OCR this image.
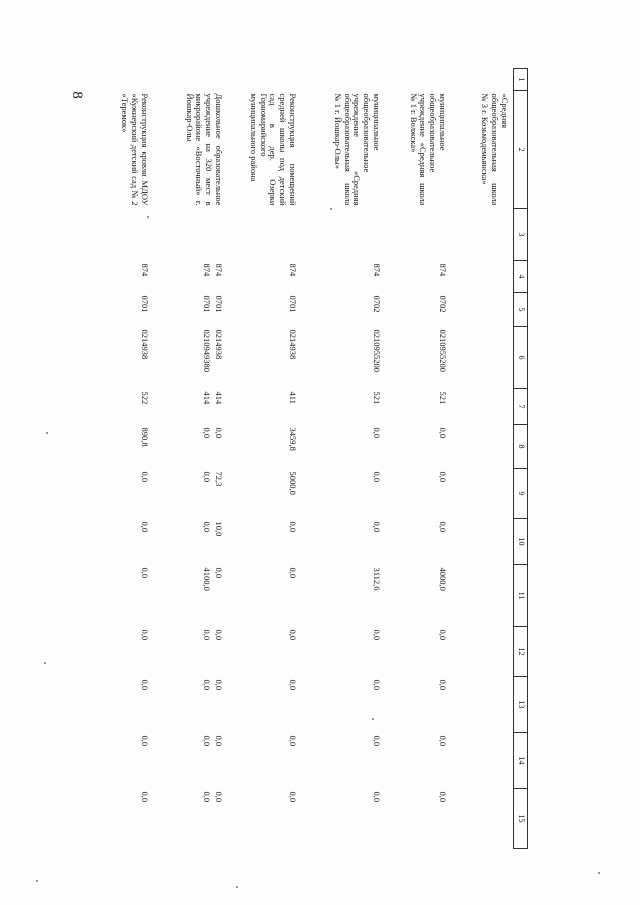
8
1	2	3	4	5	6	7	8	9	10	11	12	13	14	15

	«Средняя общеобразовательная школа № 3 г. Козьмодемьянска»													

	муниципальное общеобразовательное учреждение «Средняя школа № 1 г. Волжска»		874	0702	0210955200	521	0,0	0,0	0,0	4000,0	0,0	0,0	0,0	0,0

	муниципальное общеобразовательное учреждение «Средняя общеобразовательная школа № 1 г. Йошкар-Олы»		874	0702	0210955200	521	0,0	0,0	0,0	3112,6	0,0	0,0	0,0	0,0

	Реконструкция помещений средней школы под детский сад в дер. Озерки Горномарийского муниципального района		874	0701	0214938	411	3459,8	5000,0	0,0	0,0	0,0	0,0	0,0	0,0

	Дошкольное образовательное учреждение на 320 мест в микрорайоне «Восточный» г. Йошкар-Олы		874	0701	0214938	414	0,0	72,3	10,0	0,0	0,0	0,0	0,0	0,0
			874	0701	0210949380	414	0,0	0,0	0,0	4100,0	0,0	0,0	0,0	0,0

	Реконструкция кровли МДОУ «Кужнерский детский сад № 2 «Теремок»		874	0701	0214938	522	890,8	0,0	0,0	0,0	0,0	0,0	0,0	0,0
